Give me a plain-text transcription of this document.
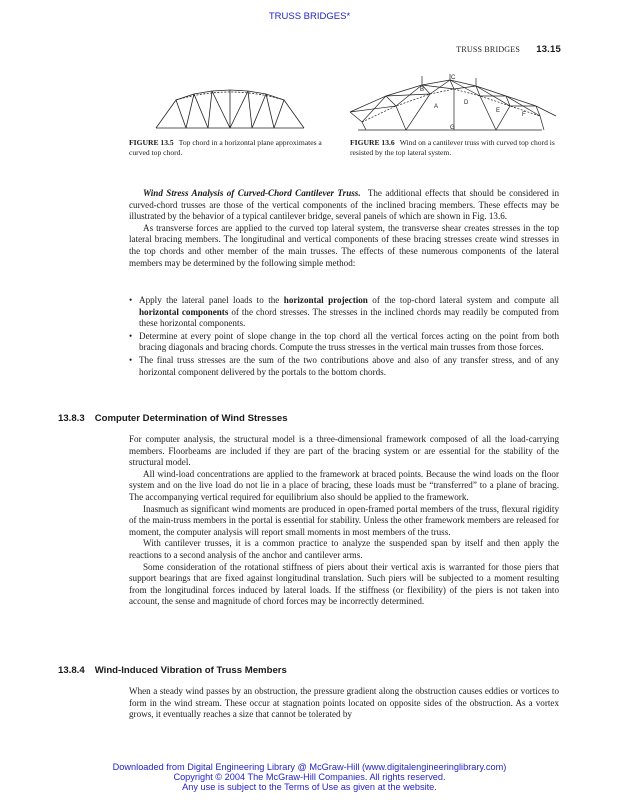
TRUSS BRIDGES*
TRUSS BRIDGES 13.15
FIGURE 13.5 Top chord in a horizontal plane approximates a curved top chord.
C
B
A
D
E
F
G
FIGURE 13.6 Wind on a cantilever truss with curved top chord is resisted by the top lateral system.

Wind Stress Analysis of Curved-Chord Cantilever Truss. The additional effects that should be considered in curved-chord trusses are those of the vertical components of the inclined bracing members. These effects may be illustrated by the behavior of a typical cantilever bridge, several panels of which are shown in Fig. 13.6.

As transverse forces are applied to the curved top lateral system, the transverse shear creates stresses in the top lateral bracing members. The longitudinal and vertical components of these bracing stresses create wind stresses in the top chords and other member of the main trusses. The effects of these numerous components of the lateral members may be determined by the following simple method:

• Apply the lateral panel loads to the horizontal projection of the top-chord lateral system and compute all horizontal components of the chord stresses. The stresses in the inclined chords may readily be computed from these horizontal components.
• Determine at every point of slope change in the top chord all the vertical forces acting on the point from both bracing diagonals and bracing chords. Compute the truss stresses in the vertical main trusses from those forces.
• The final truss stresses are the sum of the two contributions above and also of any transfer stress, and of any horizontal component delivered by the portals to the bottom chords.
13.8.3 Computer Determination of Wind Stresses

For computer analysis, the structural model is a three-dimensional framework composed of all the load-carrying members. Floorbeams are included if they are part of the bracing system or are essential for the stability of the structural model.

All wind-load concentrations are applied to the framework at braced points. Because the wind loads on the floor system and on the live load do not lie in a place of bracing, these loads must be “transferred” to a plane of bracing. The accompanying vertical required for equilibrium also should be applied to the framework.

Inasmuch as significant wind moments are produced in open-framed portal members of the truss, flexural rigidity of the main-truss members in the portal is essential for stability. Unless the other framework members are released for moment, the computer analysis will report small moments in most members of the truss.

With cantilever trusses, it is a common practice to analyze the suspended span by itself and then apply the reactions to a second analysis of the anchor and cantilever arms.

Some consideration of the rotational stiffness of piers about their vertical axis is warranted for those piers that support bearings that are fixed against longitudinal translation. Such piers will be subjected to a moment resulting from the longitudinal forces induced by lateral loads. If the stiffness (or flexibility) of the piers is not taken into account, the sense and magnitude of chord forces may be incorrectly determined.

13.8.4 Wind-Induced Vibration of Truss Members

When a steady wind passes by an obstruction, the pressure gradient along the obstruction causes eddies or vortices to form in the wind stream. These occur at stagnation points located on opposite sides of the obstruction. As a vortex grows, it eventually reaches a size that cannot be tolerated by

Downloaded from Digital Engineering Library @ McGraw-Hill (www.digitalengineeringlibrary.com)
Copyright © 2004 The McGraw-Hill Companies. All rights reserved.
Any use is subject to the Terms of Use as given at the website.
